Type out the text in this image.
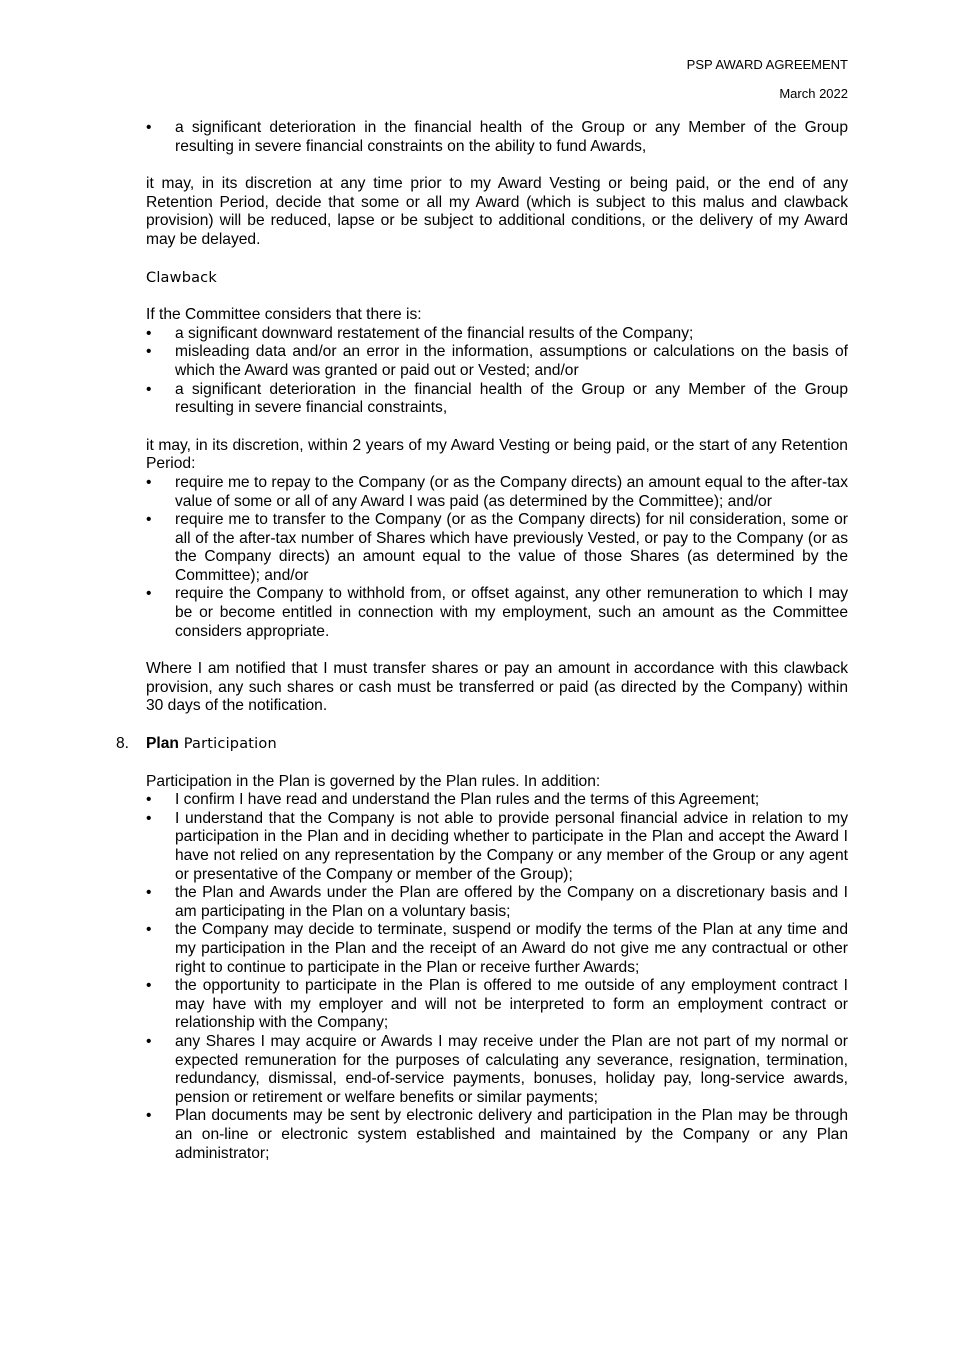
PSP AWARD AGREEMENT
March 2022
• a significant deterioration in the financial health of the Group or any Member of the Group resulting in severe financial constraints on the ability to fund Awards,

it may, in its discretion at any time prior to my Award Vesting or being paid, or the end of any Retention Period, decide that some or all my Award (which is subject to this malus and clawback provision) will be reduced, lapse or be subject to additional conditions, or the delivery of my Award may be delayed.

Clawback

If the Committee considers that there is:

• a significant downward restatement of the financial results of the Company;
• misleading data and/or an error in the information, assumptions or calculations on the basis of which the Award was granted or paid out or Vested; and/or
• a significant deterioration in the financial health of the Group or any Member of the Group resulting in severe financial constraints,

it may, in its discretion, within 2 years of my Award Vesting or being paid, or the start of any Retention Period:

• require me to repay to the Company (or as the Company directs) an amount equal to the after-tax value of some or all of any Award I was paid (as determined by the Committee); and/or
• require me to transfer to the Company (or as the Company directs) for nil consideration, some or all of the after-tax number of Shares which have previously Vested, or pay to the Company (or as the Company directs) an amount equal to the value of those Shares (as determined by the Committee); and/or
• require the Company to withhold from, or offset against, any other remuneration to which I may be or become entitled in connection with my employment, such an amount as the Committee considers appropriate.

Where I am notified that I must transfer shares or pay an amount in accordance with this clawback provision, any such shares or cash must be transferred or paid (as directed by the Company) within 30 days of the notification.

8. Plan Participation

Participation in the Plan is governed by the Plan rules. In addition:

• I confirm I have read and understand the Plan rules and the terms of this Agreement;
• I understand that the Company is not able to provide personal financial advice in relation to my participation in the Plan and in deciding whether to participate in the Plan and accept the Award I have not relied on any representation by the Company or any member of the Group or any agent or presentative of the Company or member of the Group);
• the Plan and Awards under the Plan are offered by the Company on a discretionary basis and I am participating in the Plan on a voluntary basis;
• the Company may decide to terminate, suspend or modify the terms of the Plan at any time and my participation in the Plan and the receipt of an Award do not give me any contractual or other right to continue to participate in the Plan or receive further Awards;
• the opportunity to participate in the Plan is offered to me outside of any employment contract I may have with my employer and will not be interpreted to form an employment contract or relationship with the Company;
• any Shares I may acquire or Awards I may receive under the Plan are not part of my normal or expected remuneration for the purposes of calculating any severance, resignation, termination, redundancy, dismissal, end-of-service payments, bonuses, holiday pay, long-service awards, pension or retirement or welfare benefits or similar payments;
• Plan documents may be sent by electronic delivery and participation in the Plan may be through an on-line or electronic system established and maintained by the Company or any Plan administrator;
